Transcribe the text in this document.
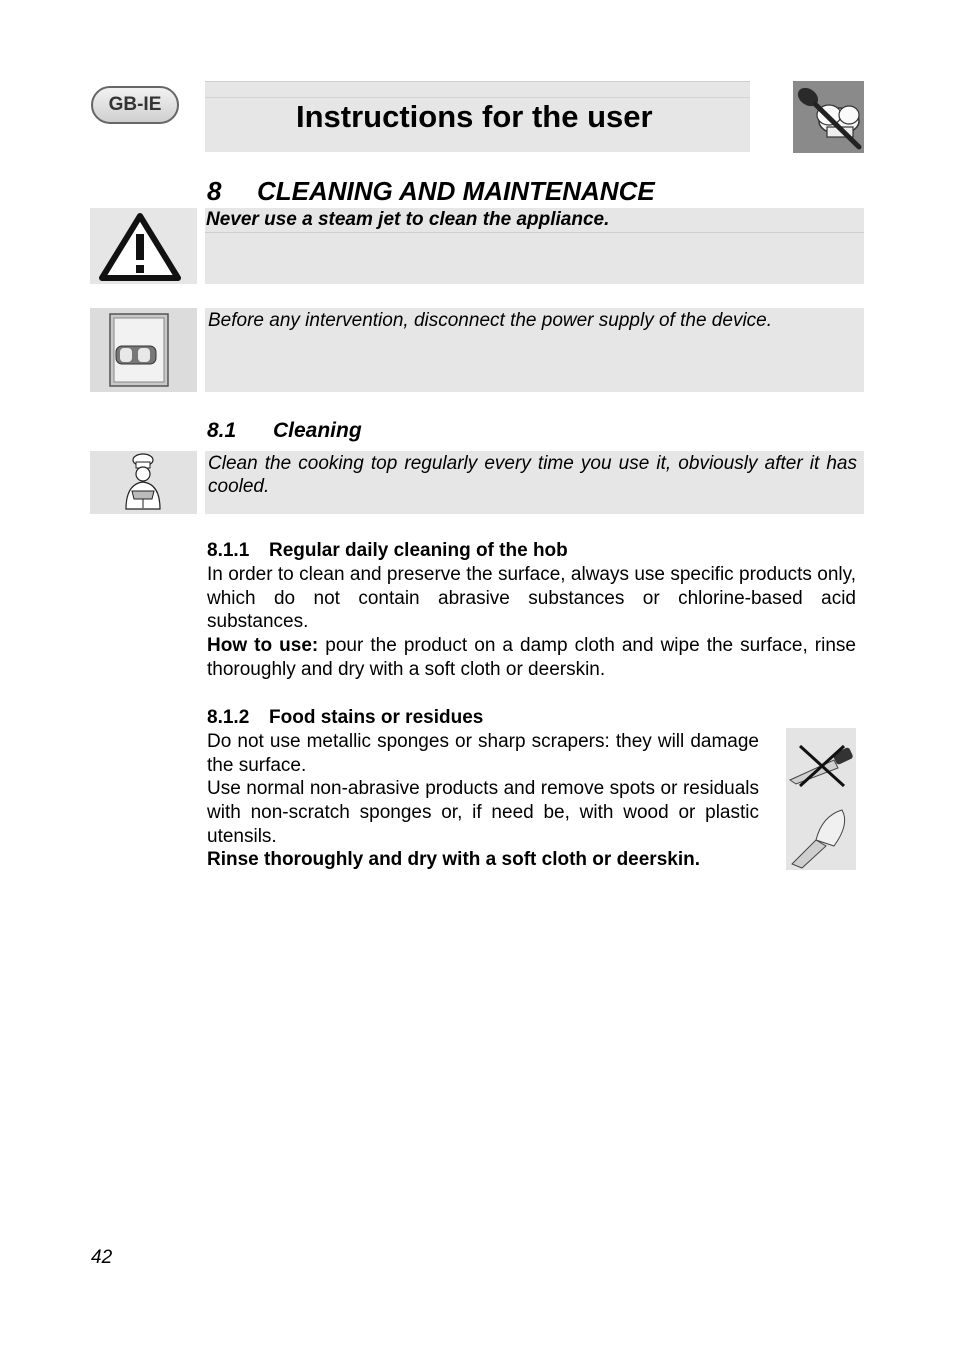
GB-IE	Instructions for the user
8 CLEANING AND MAINTENANCE
Never use a steam jet to clean the appliance.
Before any intervention, disconnect the power supply of the device.
8.1 Cleaning
Clean the cooking top regularly every time you use it, obviously after it has cooled.
8.1.1 Regular daily cleaning of the hob

In order to clean and preserve the surface, always use specific products only, which do not contain abrasive substances or chlorine-based acid substances.

How to use: pour the product on a damp cloth and wipe the surface, rinse thoroughly and dry with a soft cloth or deerskin.

8.1.2 Food stains or residues

Do not use metallic sponges or sharp scrapers: they will damage the surface.

Use normal non-abrasive products and remove spots or residuals with non-scratch sponges or, if need be, with wood or plastic utensils.

Rinse thoroughly and dry with a soft cloth or deerskin.
42
